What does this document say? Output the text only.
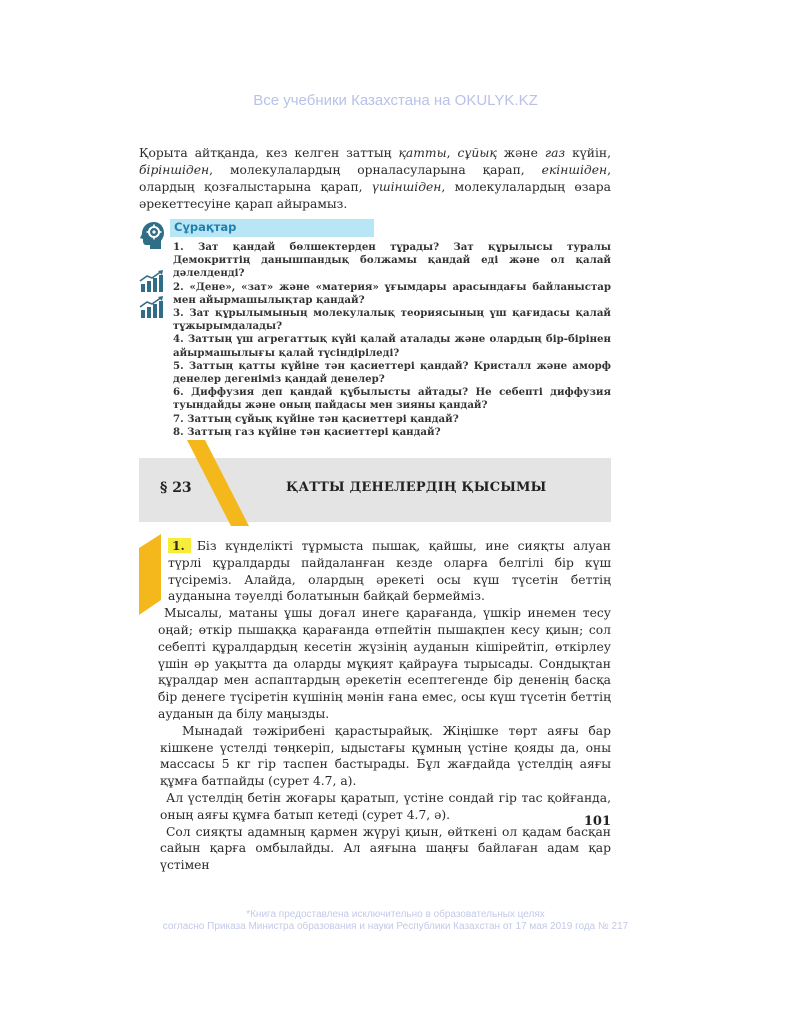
Все учебники Казахстана на OKULYK.KZ
Қорыта айтқанда, кез келген заттың қатты, сұйық және газ күйін, біріншіден, молекулалардың орналасуларына қарап, екіншіден, олардың қозғалыстарына қарап, үшіншіден, молекулалардың өзара әрекеттесуіне қарап айырамыз.
Сұрақтар
1. Зат қандай бөлшектерден тұрады? Зат құрылысы туралы Демокриттің данышпандық болжамы қандай еді және ол қалай дәлелденді?
2. «Дене», «зат» және «материя» ұғымдары арасындағы байланыстар мен айырмашылықтар қандай?
3. Зат құрылымының молекулалық теориясының үш қағидасы қалай тұжырымдалады?
4. Заттың үш агрегаттық күйі қалай аталады және олардың бір-бірінен айырмашылығы қалай түсіндіріледі?
5. Заттың қатты күйіне тән қасиеттері қандай? Кристалл және аморф денелер дегеніміз қандай денелер?
6. Диффузия деп қандай құбылысты айтады? Не себепті диффузия туындайды және оның пайдасы мен зияны қандай?
7. Заттың сұйық күйіне тән қасиеттері қандай?
8. Заттың газ күйіне тән қасиеттері қандай?
§ 23	ҚАТТЫ ДЕНЕЛЕРДІҢ ҚЫСЫМЫ

1. Біз күнделікті тұрмыста пышақ, қайшы, ине сияқты алуан түрлі құралдарды пайдаланған кезде оларға белгілі бір күш түсіреміз. Алайда, олардың әрекеті осы күш түсетін беттің ауданына тәуелді болатынын байқай бермейміз.

Мысалы, матаны ұшы доғал инеге қарағанда, үшкір инемен тесу оңай; өткір пышаққа қарағанда өтпейтін пышақпен кесу қиын; сол себепті құралдардың кесетін жүзінің ауданын кішірейтіп, өткірлеу үшін әр уақытта да оларды мұқият қайрауға тырысады. Сондықтан құралдар мен аспаптардың әрекетін есептегенде бір дененің басқа бір денеге түсіретін күшінің мәнін ғана емес, осы күш түсетін беттің ауданын да білу маңызды.

Мынадай тәжірибені қарастырайық. Жіңішке төрт аяғы бар кішкене үстелді төңкеріп, ыдыстағы құмның үстіне қояды да, оны массасы 5 кг гір таспен бастырады. Бұл жағдайда үстелдің аяғы құмға батпайды (сурет 4.7, а).

Ал үстелдің бетін жоғары қаратып, үстіне сондай гір тас қойғанда, оның аяғы құмға батып кетеді (сурет 4.7, ә).

Сол сияқты адамның қармен жүруі қиын, өйткені ол қадам басқан сайын қарға омбылайды. Ал аяғына шаңғы байлаған адам қар үстімен

101
*Книга предоставлена исключительно в образовательных целях
согласно Приказа Министра образования и науки Республики Казахстан от 17 мая 2019 года № 217
